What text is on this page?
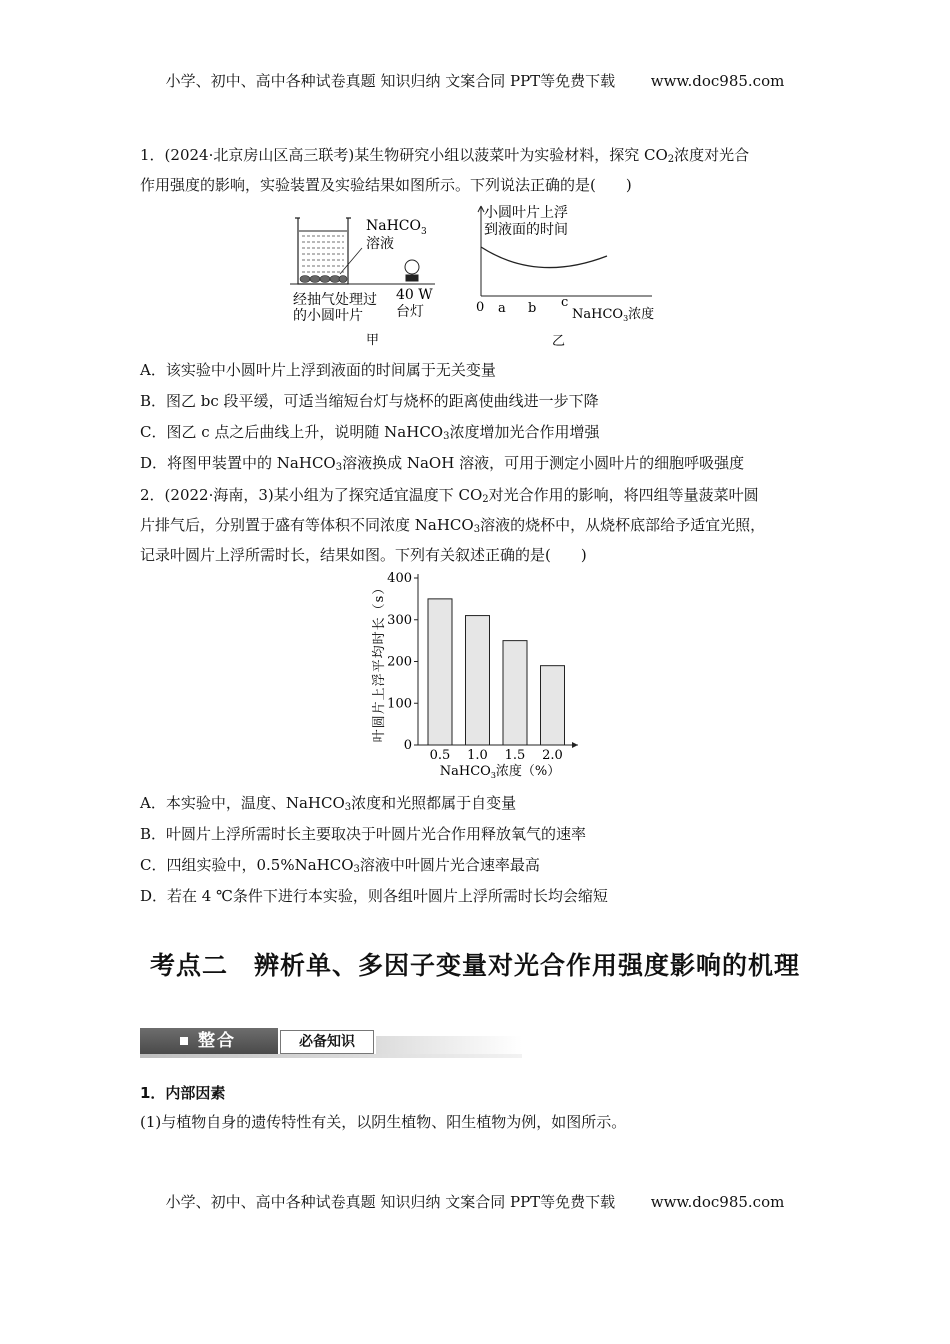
小学、初中、高中各种试卷真题 知识归纳 文案合同 PPT等免费下载 www.doc985.com
1．(2024·北京房山区高三联考)某生物研究小组以菠菜叶为实验材料，探究 $CO_2$浓度对光合
作用强度的影响，实验装置及实验结果如图所示。下列说法正确的是(　　)
NaHCO$_3$
溶液
经抽气处理过
的小圆叶片
40 W
台灯
甲
小圆叶片上浮
到液面的时间
0 a b c
NaHCO$_3$浓度
乙
A．该实验中小圆叶片上浮到液面的时间属于无关变量
B．图乙 bc 段平缓，可适当缩短台灯与烧杯的距离使曲线进一步下降
C．图乙 c 点之后曲线上升，说明随 NaHCO$_3$浓度增加光合作用增强
D．将图甲装置中的 NaHCO$_3$溶液换成 NaOH 溶液，可用于测定小圆叶片的细胞呼吸强度
2．(2022·海南，3)某小组为了探究适宜温度下 $CO_2$对光合作用的影响，将四组等量菠菜叶圆
片排气后，分别置于盛有等体积不同浓度 NaHCO$_3$溶液的烧杯中，从烧杯底部给予适宜光照，
记录叶圆片上浮所需时长，结果如图。下列有关叙述正确的是(　　)
0
100
200
300
400
0.5 1.0 1.5 2.0
叶圆片上浮平均时长（s）
NaHCO$_3$浓度（%）
A．本实验中，温度、NaHCO$_3$浓度和光照都属于自变量
B．叶圆片上浮所需时长主要取决于叶圆片光合作用释放氧气的速率
C．四组实验中，0.5%NaHCO$_3$溶液中叶圆片光合速率最高
D．若在 4 ℃条件下进行本实验，则各组叶圆片上浮所需时长均会缩短
考点二　辨析单、多因子变量对光合作用强度影响的机理
整合	必备知识
1．内部因素
(1)与植物自身的遗传特性有关，以阴生植物、阳生植物为例，如图所示。
小学、初中、高中各种试卷真题 知识归纳 文案合同 PPT等免费下载 www.doc985.com
